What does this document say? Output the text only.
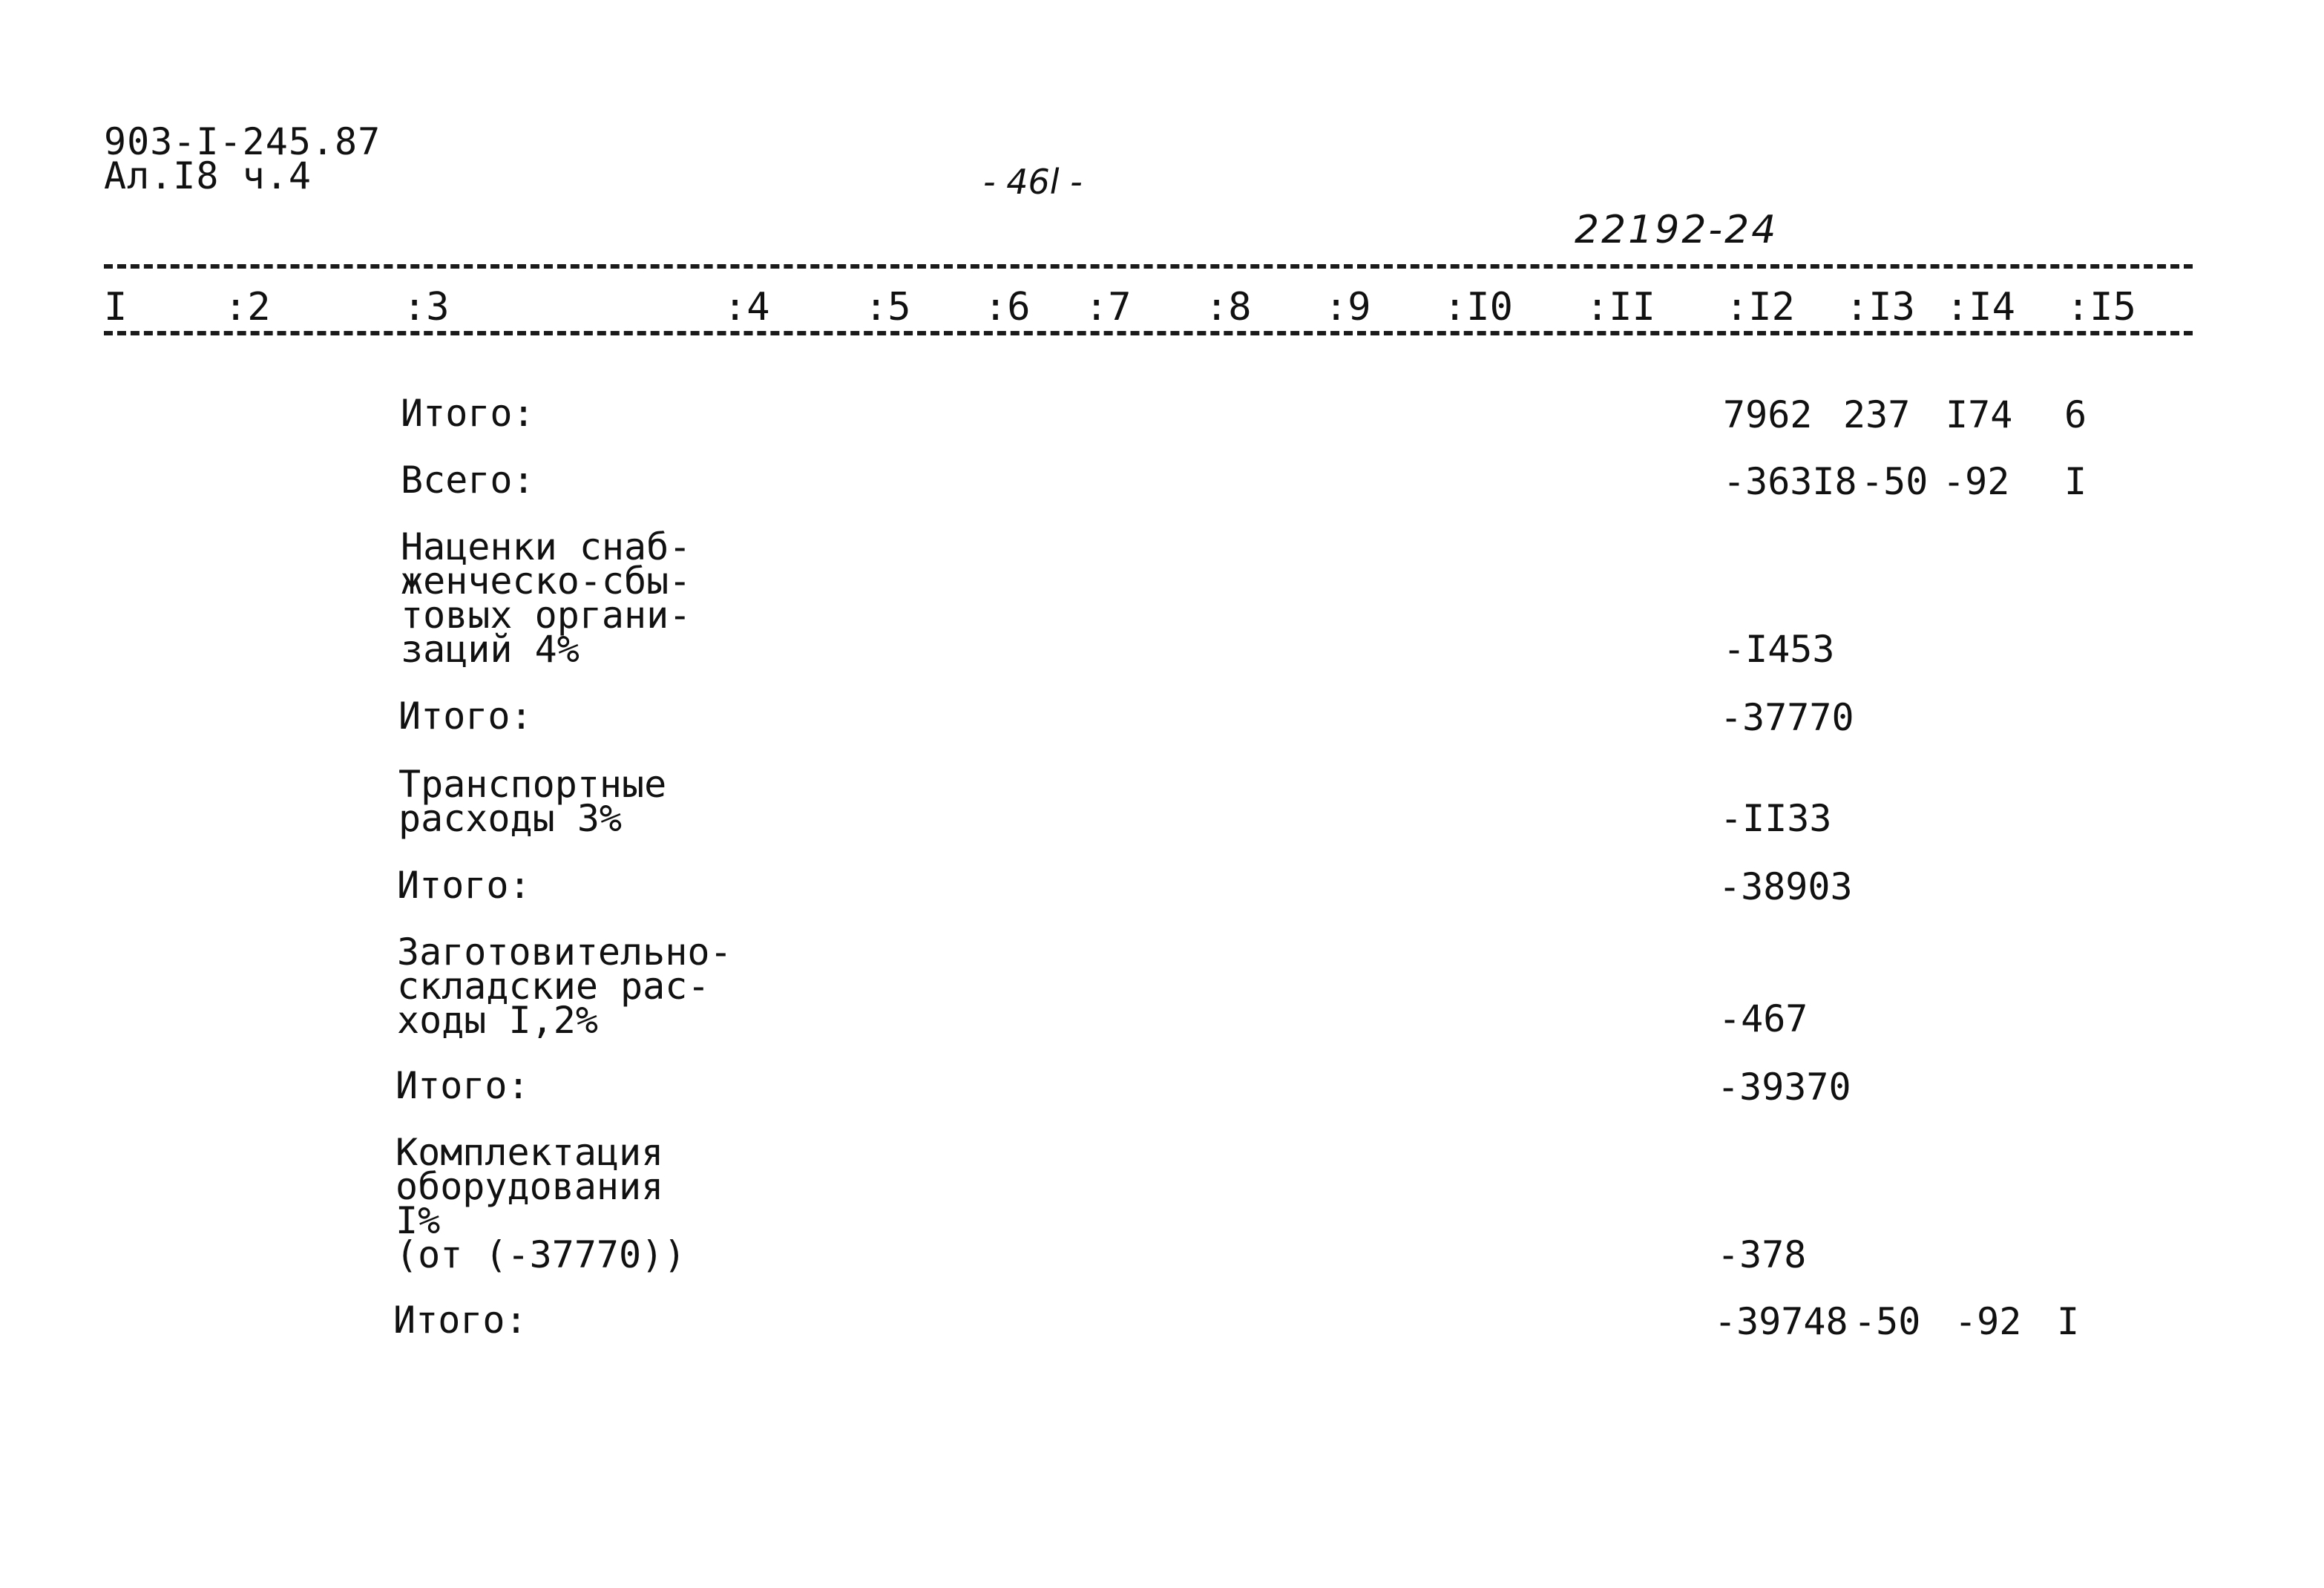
903-I-245.87
Ал.I8 ч.4	- 46l -
22192-24
I	:2	:3	:4 :5 :6 :7 :8 :9 :I0 :II :I2 :I3 :I4 :I5
Итого:	7962 237 I74 6
Всего:	-363I8 -50 -92 I
Наценки снаб-
женческо-сбы-
товых органи-
заций 4%	-I453
Итого:	-37770
Транспортные
расходы 3%	-II33
Итого:	-38903
Заготовительно-
складские рас-
ходы I,2%	-467
Итого:	-39370
Комплектация
оборудования
I%
(от (-37770))	-378
Итого:	-39748 -50 -92 I
